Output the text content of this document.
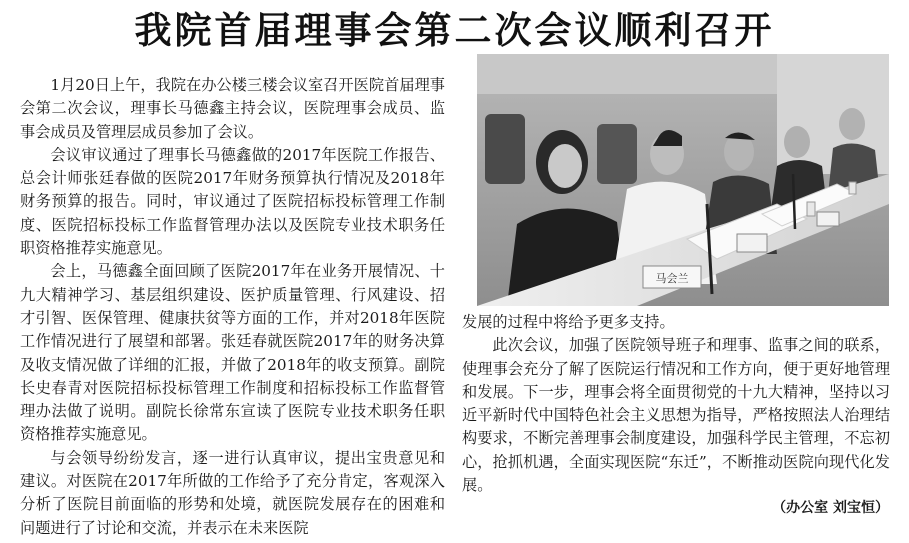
我院首届理事会第二次会议顺利召开

1月20日上午，我院在办公楼三楼会议室召开医院首届理事会第二次会议，理事长马德鑫主持会议，医院理事会成员、监事会成员及管理层成员参加了会议。

会议审议通过了理事长马德鑫做的2017年医院工作报告、总会计师张廷春做的医院2017年财务预算执行情况及2018年财务预算的报告。同时，审议通过了医院招标投标管理工作制度、医院招标投标工作监督管理办法以及医院专业技术职务任职资格推荐实施意见。

会上，马德鑫全面回顾了医院2017年在业务开展情况、十九大精神学习、基层组织建设、医护质量管理、行风建设、招才引智、医保管理、健康扶贫等方面的工作，并对2018年医院工作情况进行了展望和部署。张廷春就医院2017年的财务决算及收支情况做了详细的汇报，并做了2018年的收支预算。副院长史春青对医院招标投标管理工作制度和招标投标工作监督管理办法做了说明。副院长徐常东宣读了医院专业技术职务任职资格推荐实施意见。

与会领导纷纷发言，逐一进行认真审议，提出宝贵意见和建议。对医院在2017年所做的工作给予了充分肯定，客观深入分析了医院目前面临的形势和处境，就医院发展存在的困难和问题进行了讨论和交流，并表示在未来医院

马会兰

发展的过程中将给予更多支持。

此次会议，加强了医院领导班子和理事、监事之间的联系，使理事会充分了解了医院运行情况和工作方向，便于更好地管理和发展。下一步，理事会将全面贯彻党的十九大精神，坚持以习近平新时代中国特色社会主义思想为指导，严格按照法人治理结构要求，不断完善理事会制度建设，加强科学民主管理，不忘初心，抢抓机遇，全面实现医院“东迁”，不断推动医院向现代化发展。

（办公室 刘宝恒）
